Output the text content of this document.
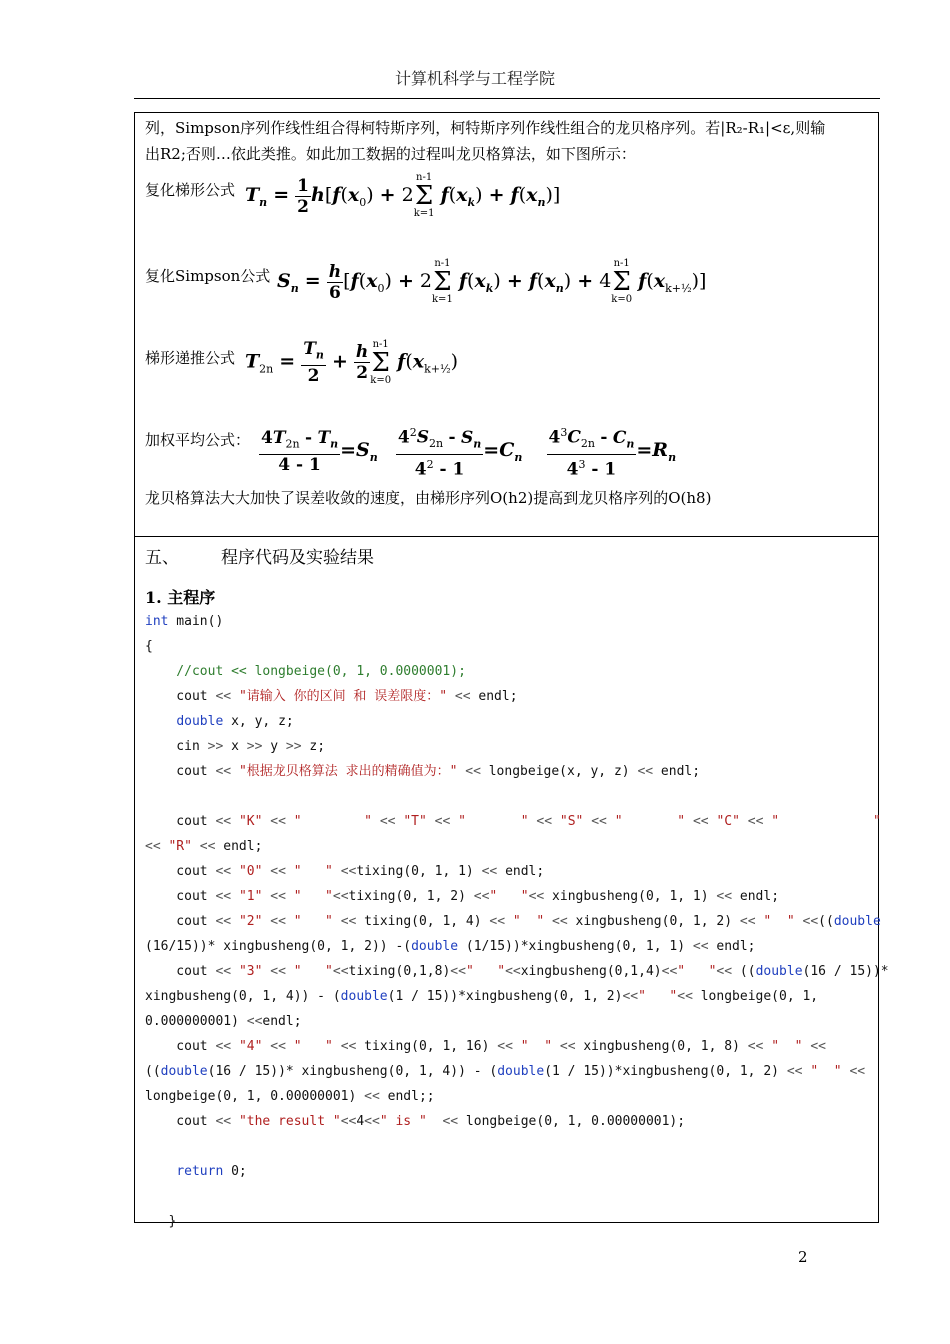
计算机科学与工程学院
列，Simpson序列作线性组合得柯特斯序列，柯特斯序列作线性组合的龙贝格序列。若|R₂-R₁|<ε,则输
出R2;否则…依此类推。如此加工数据的过程叫龙贝格算法，如下图所示：
复化梯形公式 $T_n = \frac{1}{2} h[f(x_0) + 2$
n-1
Σ
k=1
$f(x_k) + f(x_n)$]
复化Simpson公式 $S_n = \frac{h}{6} [f(x_0) + 2$
n-1
Σ
k=1
$f(x_k) + f(x_n) + 4$
n-1
Σ
k=0
$f(x_{k+\frac{1}{2}})$]
梯形递推公式 $T_{2n} = \frac{T_n}{2} + \frac{h}{2} n-1$
Σ
k=0
$f(x_{k+\frac{1}{2}})$
加权平均公式： $\frac{4T_{2n} - T_n}{4 - 1} =S_n \frac{4^2S_{2n} - S_n}{4^2 - 1} =C_n \frac{4^3C_{2n} - C_n}{4^3 - 1} =R_n$
龙贝格算法大大加快了误差收敛的速度，由梯形序列O(h2)提高到龙贝格序列的O(h8)
五、 程序代码及实验结果
1. 主程序
int main()
{
//cout << longbeige(0, 1, 0.0000001);
cout << "请输入 你的区间 和 误差限度：" << endl;
double x, y, z;
cin >> x >> y >> z;
cout << "根据龙贝格算法 求出的精确值为：" << longbeige(x, y, z) << endl;

cout << "K" << "        " << "T" << "       " << "S" << "       " << "C" << "            "
<< "R" << endl;
cout << "0" << "   " <<tixing(0, 1, 1) << endl;
cout << "1" << "   "<<tixing(0, 1, 2) <<"   "<< xingbusheng(0, 1, 1) << endl;
cout << "2" << "   " << tixing(0, 1, 4) << "  " << xingbusheng(0, 1, 2) << "  " <<((double
(16/15))* xingbusheng(0, 1, 2)) -(double (1/15))*xingbusheng(0, 1, 1) << endl;
cout << "3" << "   "<<tixing(0,1,8)<<"   "<<xingbusheng(0,1,4)<<"   "<< ((double(16 / 15))*
xingbusheng(0, 1, 4)) - (double(1 / 15))*xingbusheng(0, 1, 2)<<"   "<< longbeige(0, 1,
0.000000001) <<endl;
cout << "4" << "   " << tixing(0, 1, 16) << "  " << xingbusheng(0, 1, 8) << "  " <<
((double(16 / 15))* xingbusheng(0, 1, 4)) - (double(1 / 15))*xingbusheng(0, 1, 2) << "  " <<
longbeige(0, 1, 0.00000001) << endl;;
cout << "the result "<<4<<" is " << longbeige(0, 1, 0.00000001);

return 0;

}
2
